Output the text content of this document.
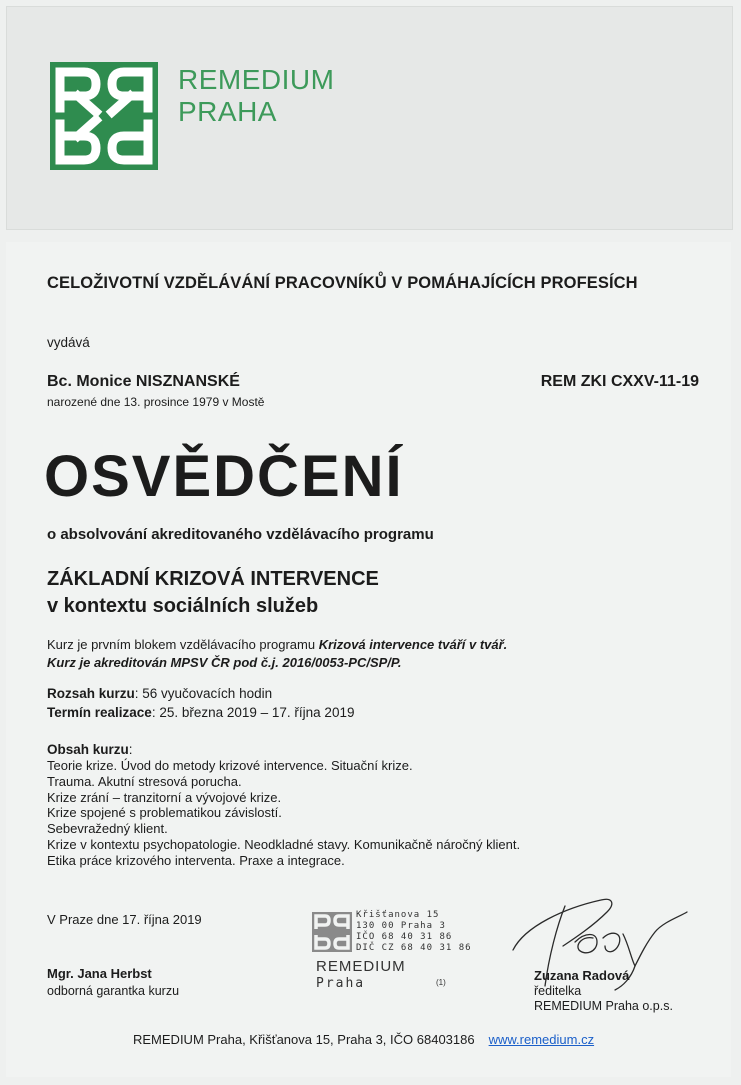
REMEDIUM
PRAHA
CELOŽIVOTNÍ VZDĚLÁVÁNÍ PRACOVNÍKŮ V POMÁHAJÍCÍCH PROFESÍCH
vydává
Bc. Monice NISZNANSKÉ
narozené dne 13. prosince 1979 v Mostě
REM ZKI CXXV-11-19
OSVĚDČENÍ
o absolvování akreditovaného vzdělávacího programu
ZÁKLADNÍ KRIZOVÁ INTERVENCE
v kontextu sociálních služeb
Kurz je prvním blokem vzdělávacího programu Krizová intervence tváří v tvář.
Kurz je akreditován MPSV ČR pod č.j. 2016/0053-PC/SP/P.
Rozsah kurzu: 56 vyučovacích hodin
Termín realizace: 25. března 2019 – 17. října 2019
Obsah kurzu:
Teorie krize. Úvod do metody krizové intervence. Situační krize.
Trauma. Akutní stresová porucha.
Krize zrání – tranzitorní a vývojové krize.
Krize spojené s problematikou závislostí.
Sebevražedný klient.
Krize v kontextu psychopatologie. Neodkladné stavy. Komunikačně náročný klient.
Etika práce krizového interventa. Praxe a integrace.
V Praze dne 17. října 2019
Mgr. Jana Herbst
odborná garantka kurzu
Křišťanova 15
130 00 Praha 3
IČO 68 40 31 86
DIČ CZ 68 40 31 86
REMEDIUM
Praha	(1)	Zuzana Radová
ředitelka
REMEDIUM Praha o.p.s.
REMEDIUM Praha, Křišťanova 15, Praha 3, IČO 68403186 www.remedium.cz
